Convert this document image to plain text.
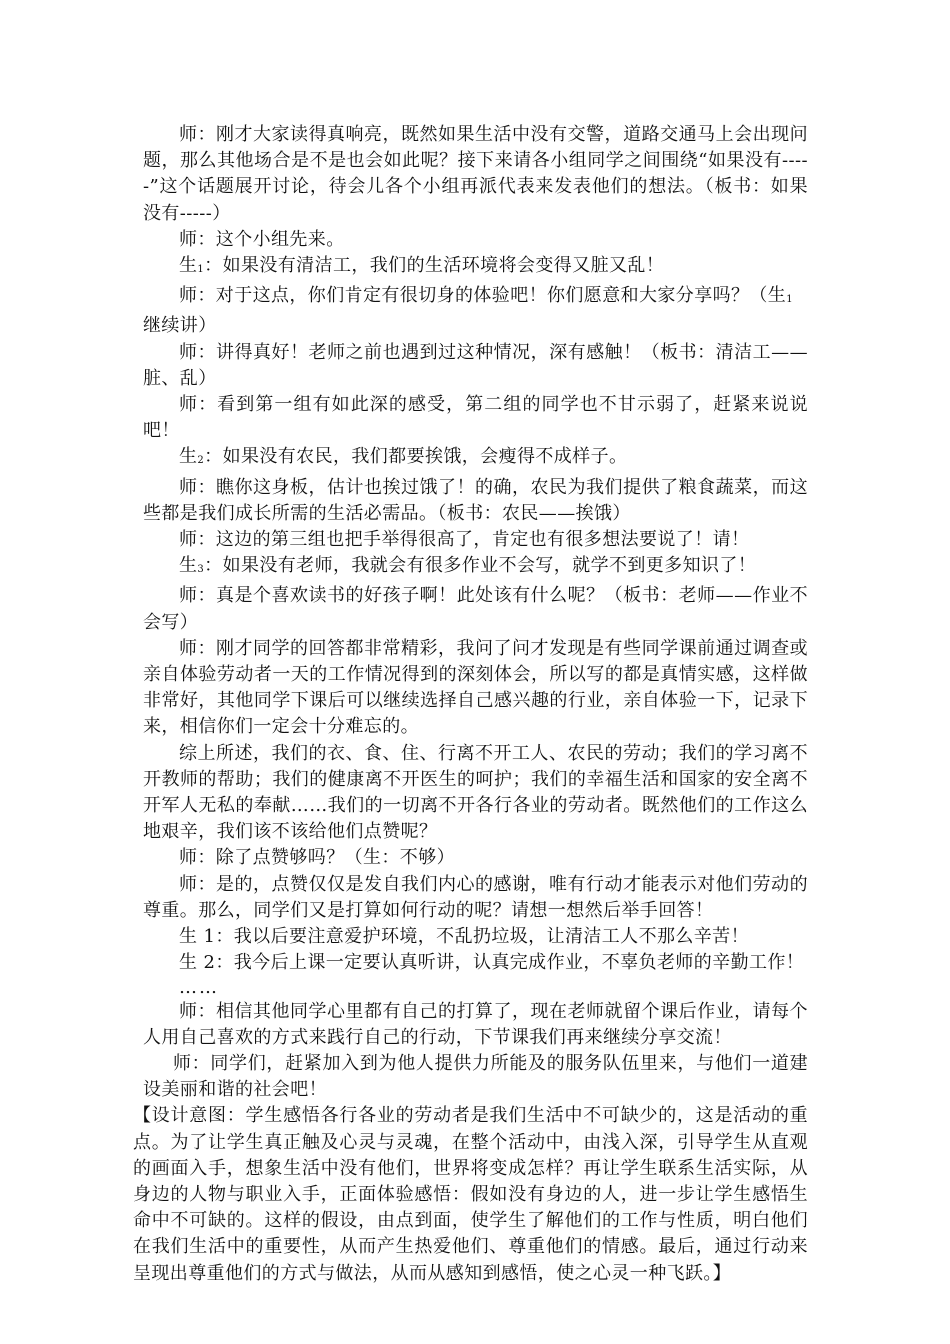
师：刚才大家读得真响亮，既然如果生活中没有交警，道路交通马上会出现问题，那么其他场合是不是也会如此呢？接下来请各小组同学之间围绕“如果没有-----”这个话题展开讨论，待会儿各个小组再派代表来发表他们的想法。（板书：如果没有-----）

师：这个小组先来。

生$_1$：如果没有清洁工，我们的生活环境将会变得又脏又乱！

师：对于这点，你们肯定有很切身的体验吧！你们愿意和大家分享吗？（生$_1$
继续讲）

师：讲得真好！老师之前也遇到过这种情况，深有感触！（板书：清洁工——脏、乱）

师：看到第一组有如此深的感受，第二组的同学也不甘示弱了，赶紧来说说吧！

生$_2$：如果没有农民，我们都要挨饿，会瘦得不成样子。

师：瞧你这身板，估计也挨过饿了！的确，农民为我们提供了粮食蔬菜，而这些都是我们成长所需的生活必需品。（板书：农民——挨饿）

师：这边的第三组也把手举得很高了，肯定也有很多想法要说了！请！

生$_3$：如果没有老师，我就会有很多作业不会写，就学不到更多知识了！

师：真是个喜欢读书的好孩子啊！此处该有什么呢？（板书：老师——作业不会写）

师：刚才同学的回答都非常精彩，我问了问才发现是有些同学课前通过调查或亲自体验劳动者一天的工作情况得到的深刻体会，所以写的都是真情实感，这样做非常好，其他同学下课后可以继续选择自己感兴趣的行业，亲自体验一下，记录下来，相信你们一定会十分难忘的。

综上所述，我们的衣、食、住、行离不开工人、农民的劳动；我们的学习离不开教师的帮助；我们的健康离不开医生的呵护；我们的幸福生活和国家的安全离不开军人无私的奉献……我们的一切离不开各行各业的劳动者。既然他们的工作这么地艰辛，我们该不该给他们点赞呢？

师：除了点赞够吗？（生：不够）

师：是的，点赞仅仅是发自我们内心的感谢，唯有行动才能表示对他们劳动的尊重。那么，同学们又是打算如何行动的呢？请想一想然后举手回答！

生 1：我以后要注意爱护环境，不乱扔垃圾，让清洁工人不那么辛苦！

生 2：我今后上课一定要认真听讲，认真完成作业，不辜负老师的辛勤工作！

……

师：相信其他同学心里都有自己的打算了，现在老师就留个课后作业，请每个人用自己喜欢的方式来践行自己的行动，下节课我们再来继续分享交流！

师：同学们，赶紧加入到为他人提供力所能及的服务队伍里来，与他们一道建设美丽和谐的社会吧！

【设计意图：学生感悟各行各业的劳动者是我们生活中不可缺少的，这是活动的重点。为了让学生真正触及心灵与灵魂，在整个活动中，由浅入深，引导学生从直观的画面入手，想象生活中没有他们，世界将变成怎样？再让学生联系生活实际，从身边的人物与职业入手，正面体验感悟：假如没有身边的人，进一步让学生感悟生命中不可缺的。这样的假设，由点到面，使学生了解他们的工作与性质，明白他们在我们生活中的重要性，从而产生热爱他们、尊重他们的情感。最后，通过行动来呈现出尊重他们的方式与做法，从而从感知到感悟，使之心灵一种飞跃。】
